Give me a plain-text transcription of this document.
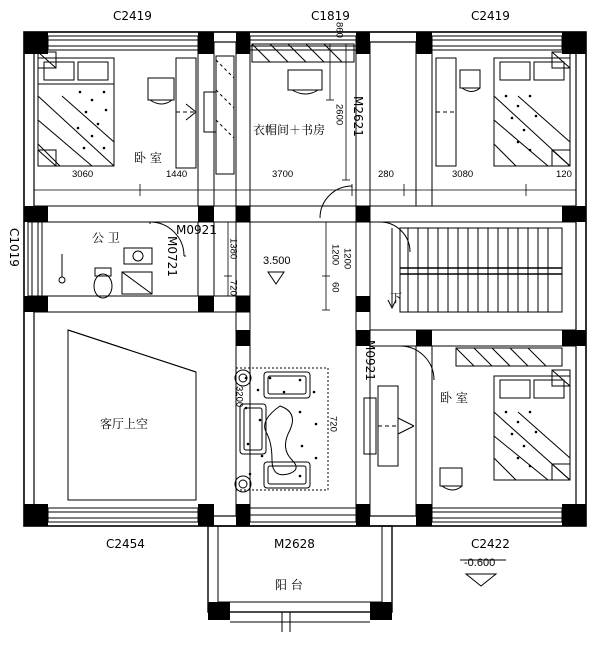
C2419	C1819	C2419
C1019
C2454	C2422
M2621
M0921
M0721
M0921
M2628
卧 室
衣帽间＋书房
公 卫
客厅上空
卧 室
阳 台
3.500
-0.600
3060	1440	3700	280	3080	120
860
2600
1380
720
1200
60
1200
3200
720
下
